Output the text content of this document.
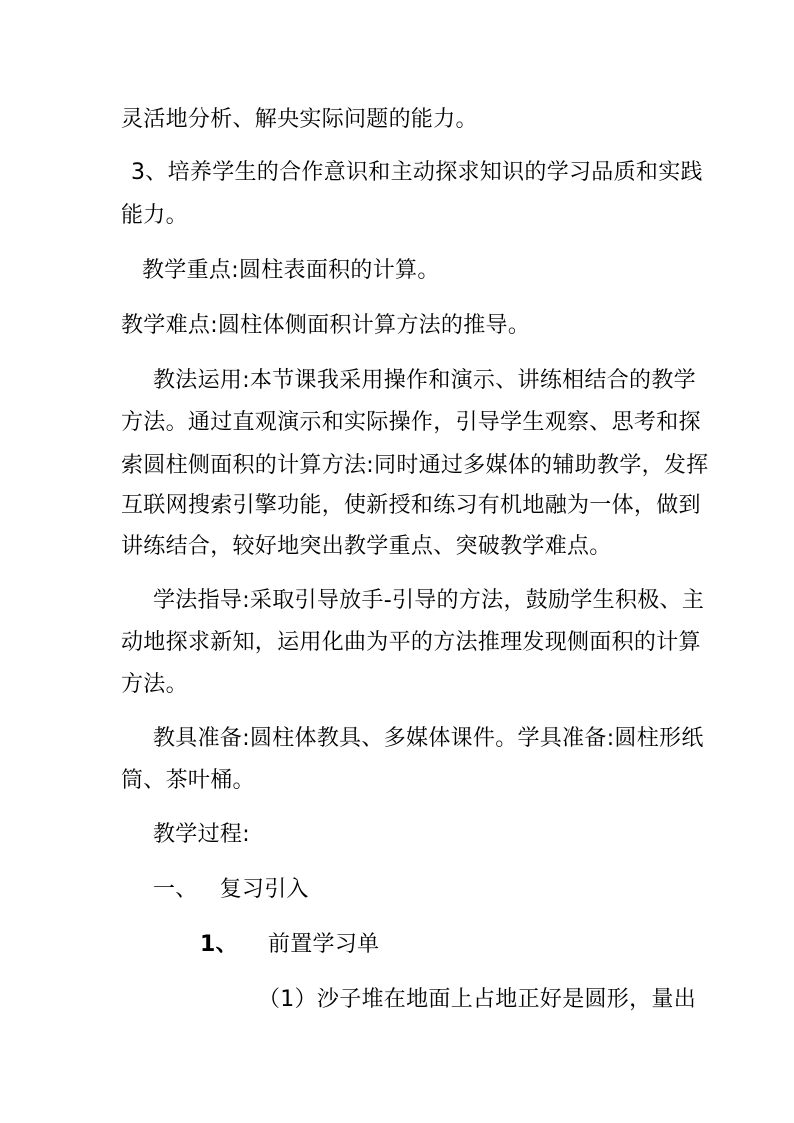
灵活地分析、解央实际问题的能力。
3、培养学生的合作意识和主动探求知识的学习品质和实践
能力。
教学重点:圆柱表面积的计算。
教学难点:圆柱体侧面积计算方法的推导。
教法运用:本节课我采用操作和演示、讲练相结合的教学
方法。通过直观演示和实际操作，引导学生观察、思考和探
索圆柱侧面积的计算方法:同时通过多媒体的辅助教学，发挥
互联网搜索引擎功能，使新授和练习有机地融为一体，做到
讲练结合，较好地突出教学重点、突破教学难点。
学法指导:采取引导放手-引导的方法，鼓励学生积极、主
动地探求新知，运用化曲为平的方法推理发现侧面积的计算
方法。
教具准备:圆柱体教具、多媒体课件。学具准备:圆柱形纸
筒、茶叶桶。
教学过程:
一、 复习引入
1、 前置学习单
（1）沙子堆在地面上占地正好是圆形，量出
